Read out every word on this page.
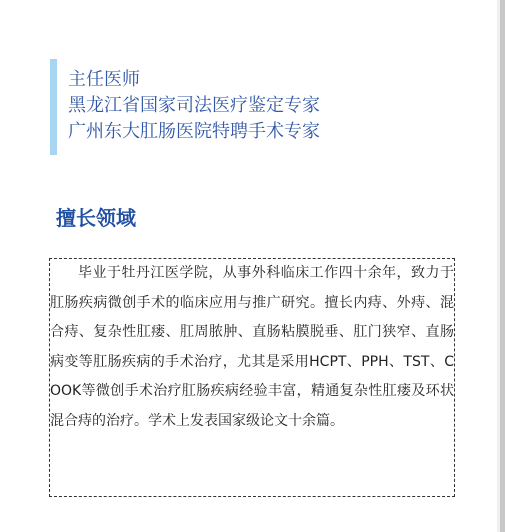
主任医师
黑龙江省国家司法医疗鉴定专家
广州东大肛肠医院特聘手术专家
擅长领域

毕业于牡丹江医学院，从事外科临床工作四十余年，致力于肛肠疾病微创手术的临床应用与推广研究。擅长内痔、外痔、混合痔、复杂性肛瘘、肛周脓肿、直肠粘膜脱垂、肛门狭窄、直肠病变等肛肠疾病的手术治疗，尤其是采用HCPT、PPH、TST、COOK等微创手术治疗肛肠疾病经验丰富，精通复杂性肛瘘及环状混合痔的治疗。学术上发表国家级论文十余篇。
